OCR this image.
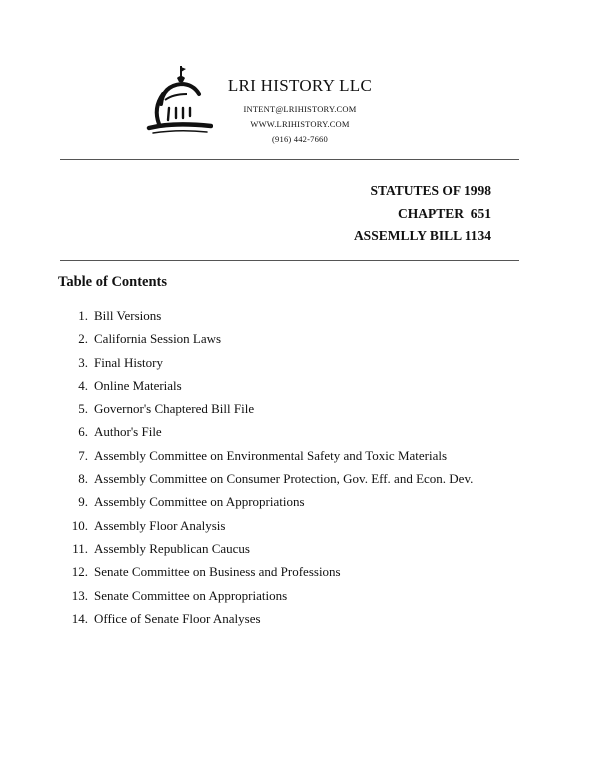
LRI HISTORY LLC
INTENT@LRIHISTORY.COM
WWW.LRIHISTORY.COM
(916) 442-7660
STATUTES OF 1998
CHAPTER  651
ASSEMLLY BILL 1134
Table of Contents
1. Bill Versions
2. California Session Laws
3. Final History
4. Online Materials
5. Governor's Chaptered Bill File
6. Author's File
7. Assembly Committee on Environmental Safety and Toxic Materials
8. Assembly Committee on Consumer Protection, Gov. Eff. and Econ. Dev.
9. Assembly Committee on Appropriations
10. Assembly Floor Analysis
11. Assembly Republican Caucus
12. Senate Committee on Business and Professions
13. Senate Committee on Appropriations
14. Office of Senate Floor Analyses
